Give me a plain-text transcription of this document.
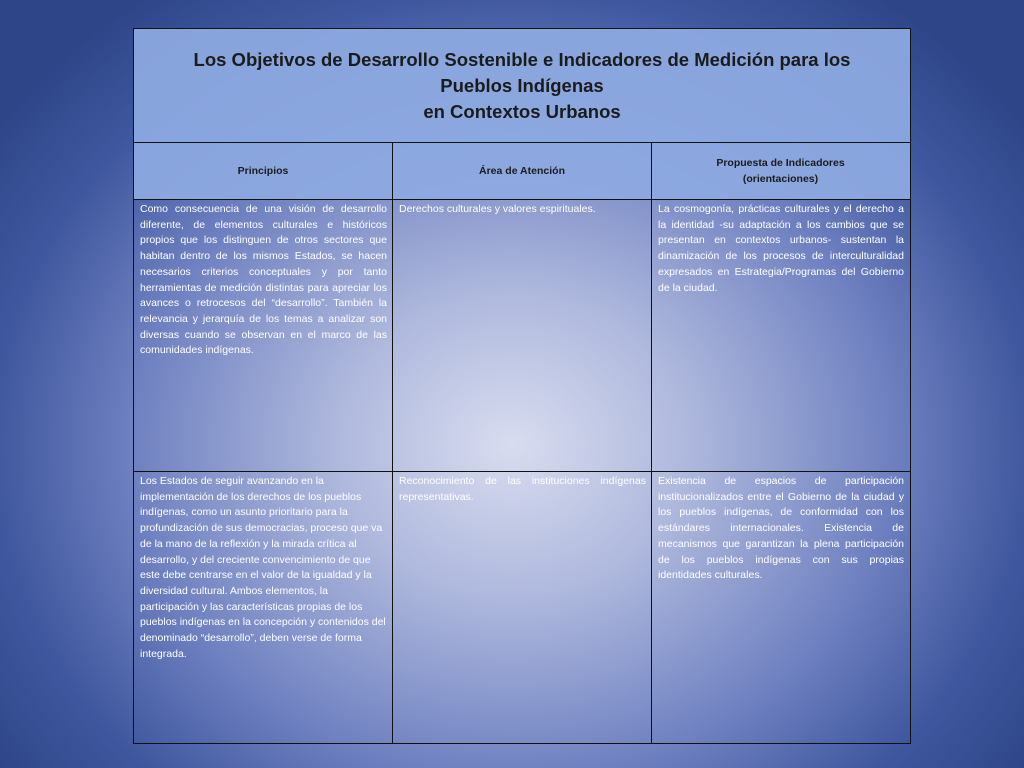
Los Objetivos de Desarrollo Sostenible e Indicadores de Medición para los
Pueblos Indígenas
en Contextos Urbanos
Principios	Área de Atención
Propuesta de Indicadores
(orientaciones)
Como consecuencia de una visión de desarrollo diferente, de elementos culturales e históricos propios que los distinguen de otros sectores que habitan dentro de los mismos Estados, se hacen necesarios criterios conceptuales y por tanto herramientas de medición distintas para apreciar los avances o retrocesos del “desarrollo”. También la relevancia y jerarquía de los temas a analizar son diversas cuando se observan en el marco de las comunidades indígenas.
Derechos culturales y valores espirituales.	La cosmogonía, prácticas culturales y el derecho a la identidad -su adaptación a los cambios que se presentan en contextos urbanos- sustentan la dinamización de los procesos de interculturalidad expresados en Estrategia/Programas del Gobierno de la ciudad.
Los Estados de seguir avanzando en la implementación de los derechos de los pueblos indígenas, como un asunto prioritario para la profundización de sus democracias, proceso que va de la mano de la reflexión y la mirada crítica al desarrollo, y del creciente convencimiento de que este debe centrarse en el valor de la igualdad y la diversidad cultural. Ambos elementos, la participación y las características propias de los pueblos indígenas en la concepción y contenidos del denominado “desarrollo”, deben verse de forma integrada.
Reconocimiento de las instituciones indígenas representativas.
Existencia de espacios de participación institucionalizados entre el Gobierno de la ciudad y los pueblos indígenas, de conformidad con los estándares internacionales. Existencia de mecanismos que garantizan la plena participación de los pueblos indígenas con sus propias identidades culturales.
